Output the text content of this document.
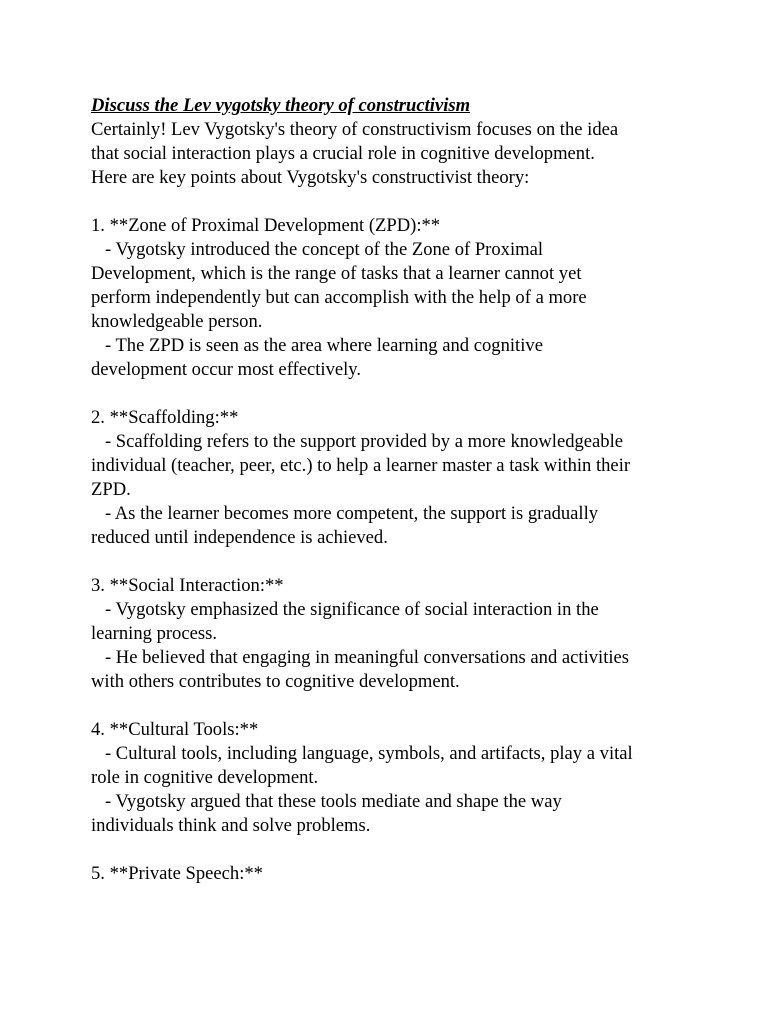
Discuss the Lev vygotsky theory of constructivism
Certainly! Lev Vygotsky's theory of constructivism focuses on the idea
that social interaction plays a crucial role in cognitive development.
Here are key points about Vygotsky's constructivist theory:
1. **Zone of Proximal Development (ZPD):**
- Vygotsky introduced the concept of the Zone of Proximal
Development, which is the range of tasks that a learner cannot yet
perform independently but can accomplish with the help of a more
knowledgeable person.
- The ZPD is seen as the area where learning and cognitive
development occur most effectively.
2. **Scaffolding:**
- Scaffolding refers to the support provided by a more knowledgeable
individual (teacher, peer, etc.) to help a learner master a task within their
ZPD.
- As the learner becomes more competent, the support is gradually
reduced until independence is achieved.
3. **Social Interaction:**
- Vygotsky emphasized the significance of social interaction in the
learning process.
- He believed that engaging in meaningful conversations and activities
with others contributes to cognitive development.
4. **Cultural Tools:**
- Cultural tools, including language, symbols, and artifacts, play a vital
role in cognitive development.
- Vygotsky argued that these tools mediate and shape the way
individuals think and solve problems.
5. **Private Speech:**
